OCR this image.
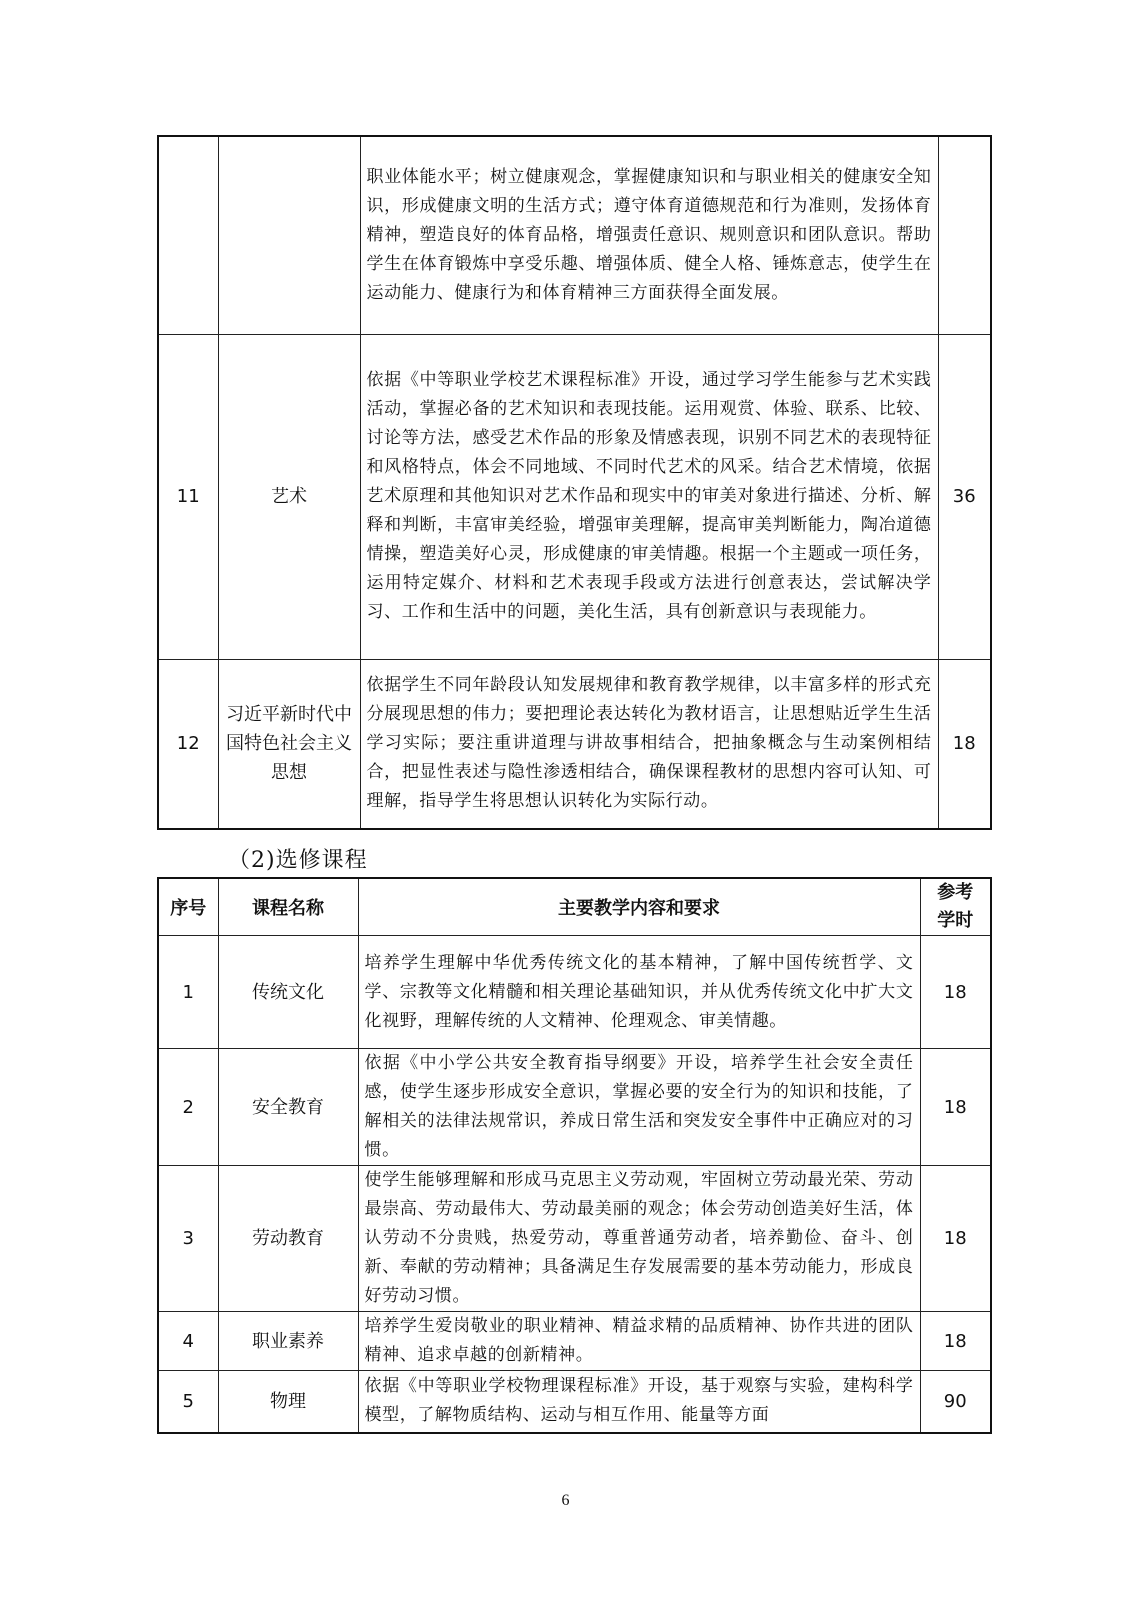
		职业体能水平；树立健康观念，掌握健康知识和与职业相关的健康安全知识，形成健康文明的生活方式；遵守体育道德规范和行为准则，发扬体育精神，塑造良好的体育品格，增强责任意识、规则意识和团队意识。帮助学生在体育锻炼中享受乐趣、增强体质、健全人格、锤炼意志，使学生在运动能力、健康行为和体育精神三方面获得全面发展。	
11	艺术	依据《中等职业学校艺术课程标准》开设，通过学习学生能参与艺术实践活动，掌握必备的艺术知识和表现技能。运用观赏、体验、联系、比较、讨论等方法，感受艺术作品的形象及情感表现，识别不同艺术的表现特征和风格特点，体会不同地域、不同时代艺术的风采。结合艺术情境，依据艺术原理和其他知识对艺术作品和现实中的审美对象进行描述、分析、解释和判断，丰富审美经验，增强审美理解，提高审美判断能力，陶冶道德情操，塑造美好心灵，形成健康的审美情趣。根据一个主题或一项任务，运用特定媒介、材料和艺术表现手段或方法进行创意表达，尝试解决学习、工作和生活中的问题，美化生活，具有创新意识与表现能力。	36
12	习近平新时代中国特色社会主义思想	依据学生不同年龄段认知发展规律和教育教学规律，以丰富多样的形式充分展现思想的伟力；要把理论表达转化为教材语言，让思想贴近学生生活学习实际；要注重讲道理与讲故事相结合，把抽象概念与生动案例相结合，把显性表述与隐性渗透相结合，确保课程教材的思想内容可认知、可理解，指导学生将思想认识转化为实际行动。	18
（2)选修课程
序号	课程名称	主要教学内容和要求	参考学时
1	传统文化	培养学生理解中华优秀传统文化的基本精神，了解中国传统哲学、文学、宗教等文化精髓和相关理论基础知识，并从优秀传统文化中扩大文化视野，理解传统的人文精神、伦理观念、审美情趣。	18
2	安全教育	依据《中小学公共安全教育指导纲要》开设，培养学生社会安全责任感，使学生逐步形成安全意识，掌握必要的安全行为的知识和技能，了解相关的法律法规常识，养成日常生活和突发安全事件中正确应对的习惯。	18
3	劳动教育	使学生能够理解和形成马克思主义劳动观，牢固树立劳动最光荣、劳动最崇高、劳动最伟大、劳动最美丽的观念；体会劳动创造美好生活，体认劳动不分贵贱，热爱劳动，尊重普通劳动者，培养勤俭、奋斗、创新、奉献的劳动精神；具备满足生存发展需要的基本劳动能力，形成良好劳动习惯。	18
4	职业素养	培养学生爱岗敬业的职业精神、精益求精的品质精神、协作共进的团队精神、追求卓越的创新精神。	18
5	物理	依据《中等职业学校物理课程标准》开设，基于观察与实验，建构科学模型，了解物质结构、运动与相互作用、能量等方面	90
6
